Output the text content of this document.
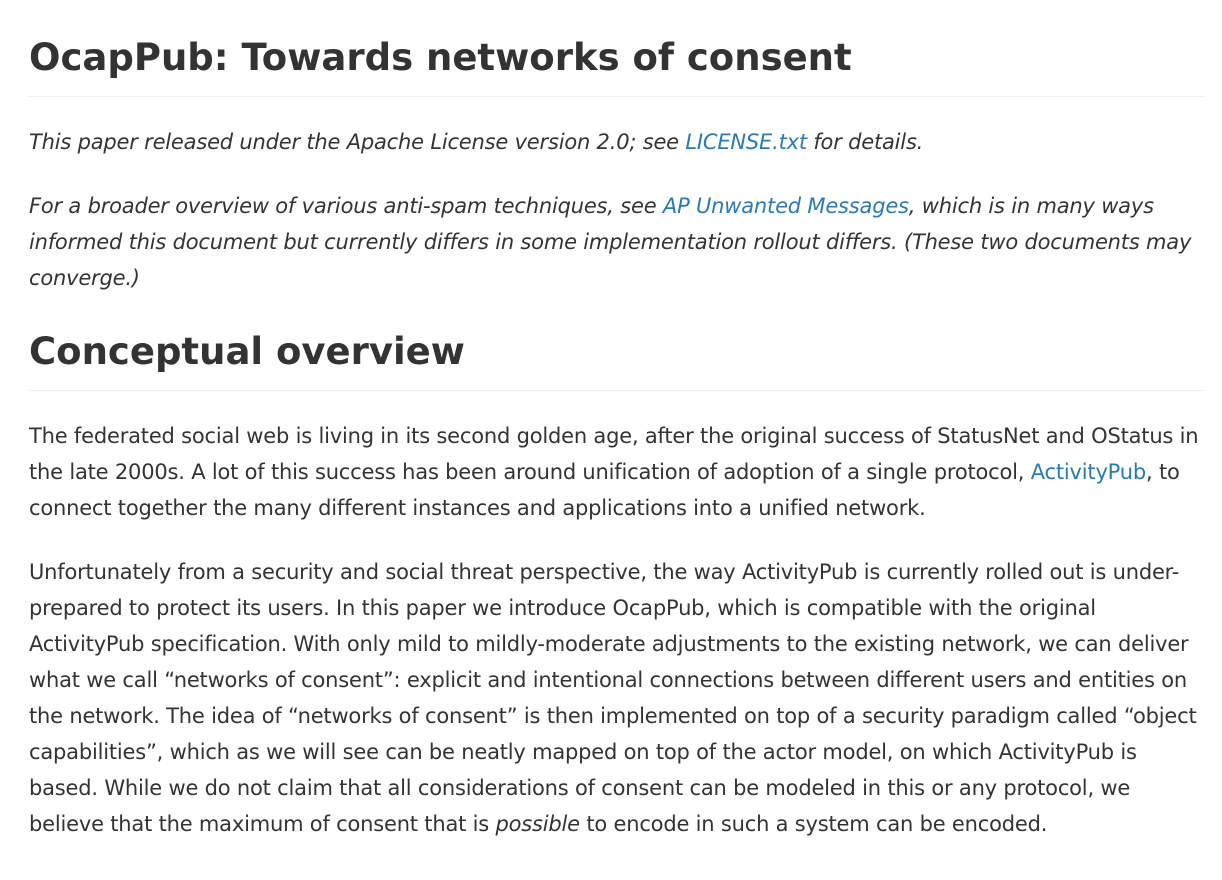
OcapPub: Towards networks of consent

This paper released under the Apache License version 2.0; see LICENSE.txt for details.

For a broader overview of various anti-spam techniques, see AP Unwanted Messages, which is in many ways informed this document but currently differs in some implementation rollout differs. (These two documents may converge.)

Conceptual overview

The federated social web is living in its second golden age, after the original success of StatusNet and OStatus in the late 2000s. A lot of this success has been around unification of adoption of a single protocol, ActivityPub, to connect together the many different instances and applications into a unified network.

Unfortunately from a security and social threat perspective, the way ActivityPub is currently rolled out is under-prepared to protect its users. In this paper we introduce OcapPub, which is compatible with the original ActivityPub specification. With only mild to mildly-moderate adjustments to the existing network, we can deliver what we call “networks of consent”: explicit and intentional connections between different users and entities on the network. The idea of “networks of consent” is then implemented on top of a security paradigm called “object capabilities”, which as we will see can be neatly mapped on top of the actor model, on which ActivityPub is based. While we do not claim that all considerations of consent can be modeled in this or any protocol, we believe that the maximum of consent that is possible to encode in such a system can be encoded.
